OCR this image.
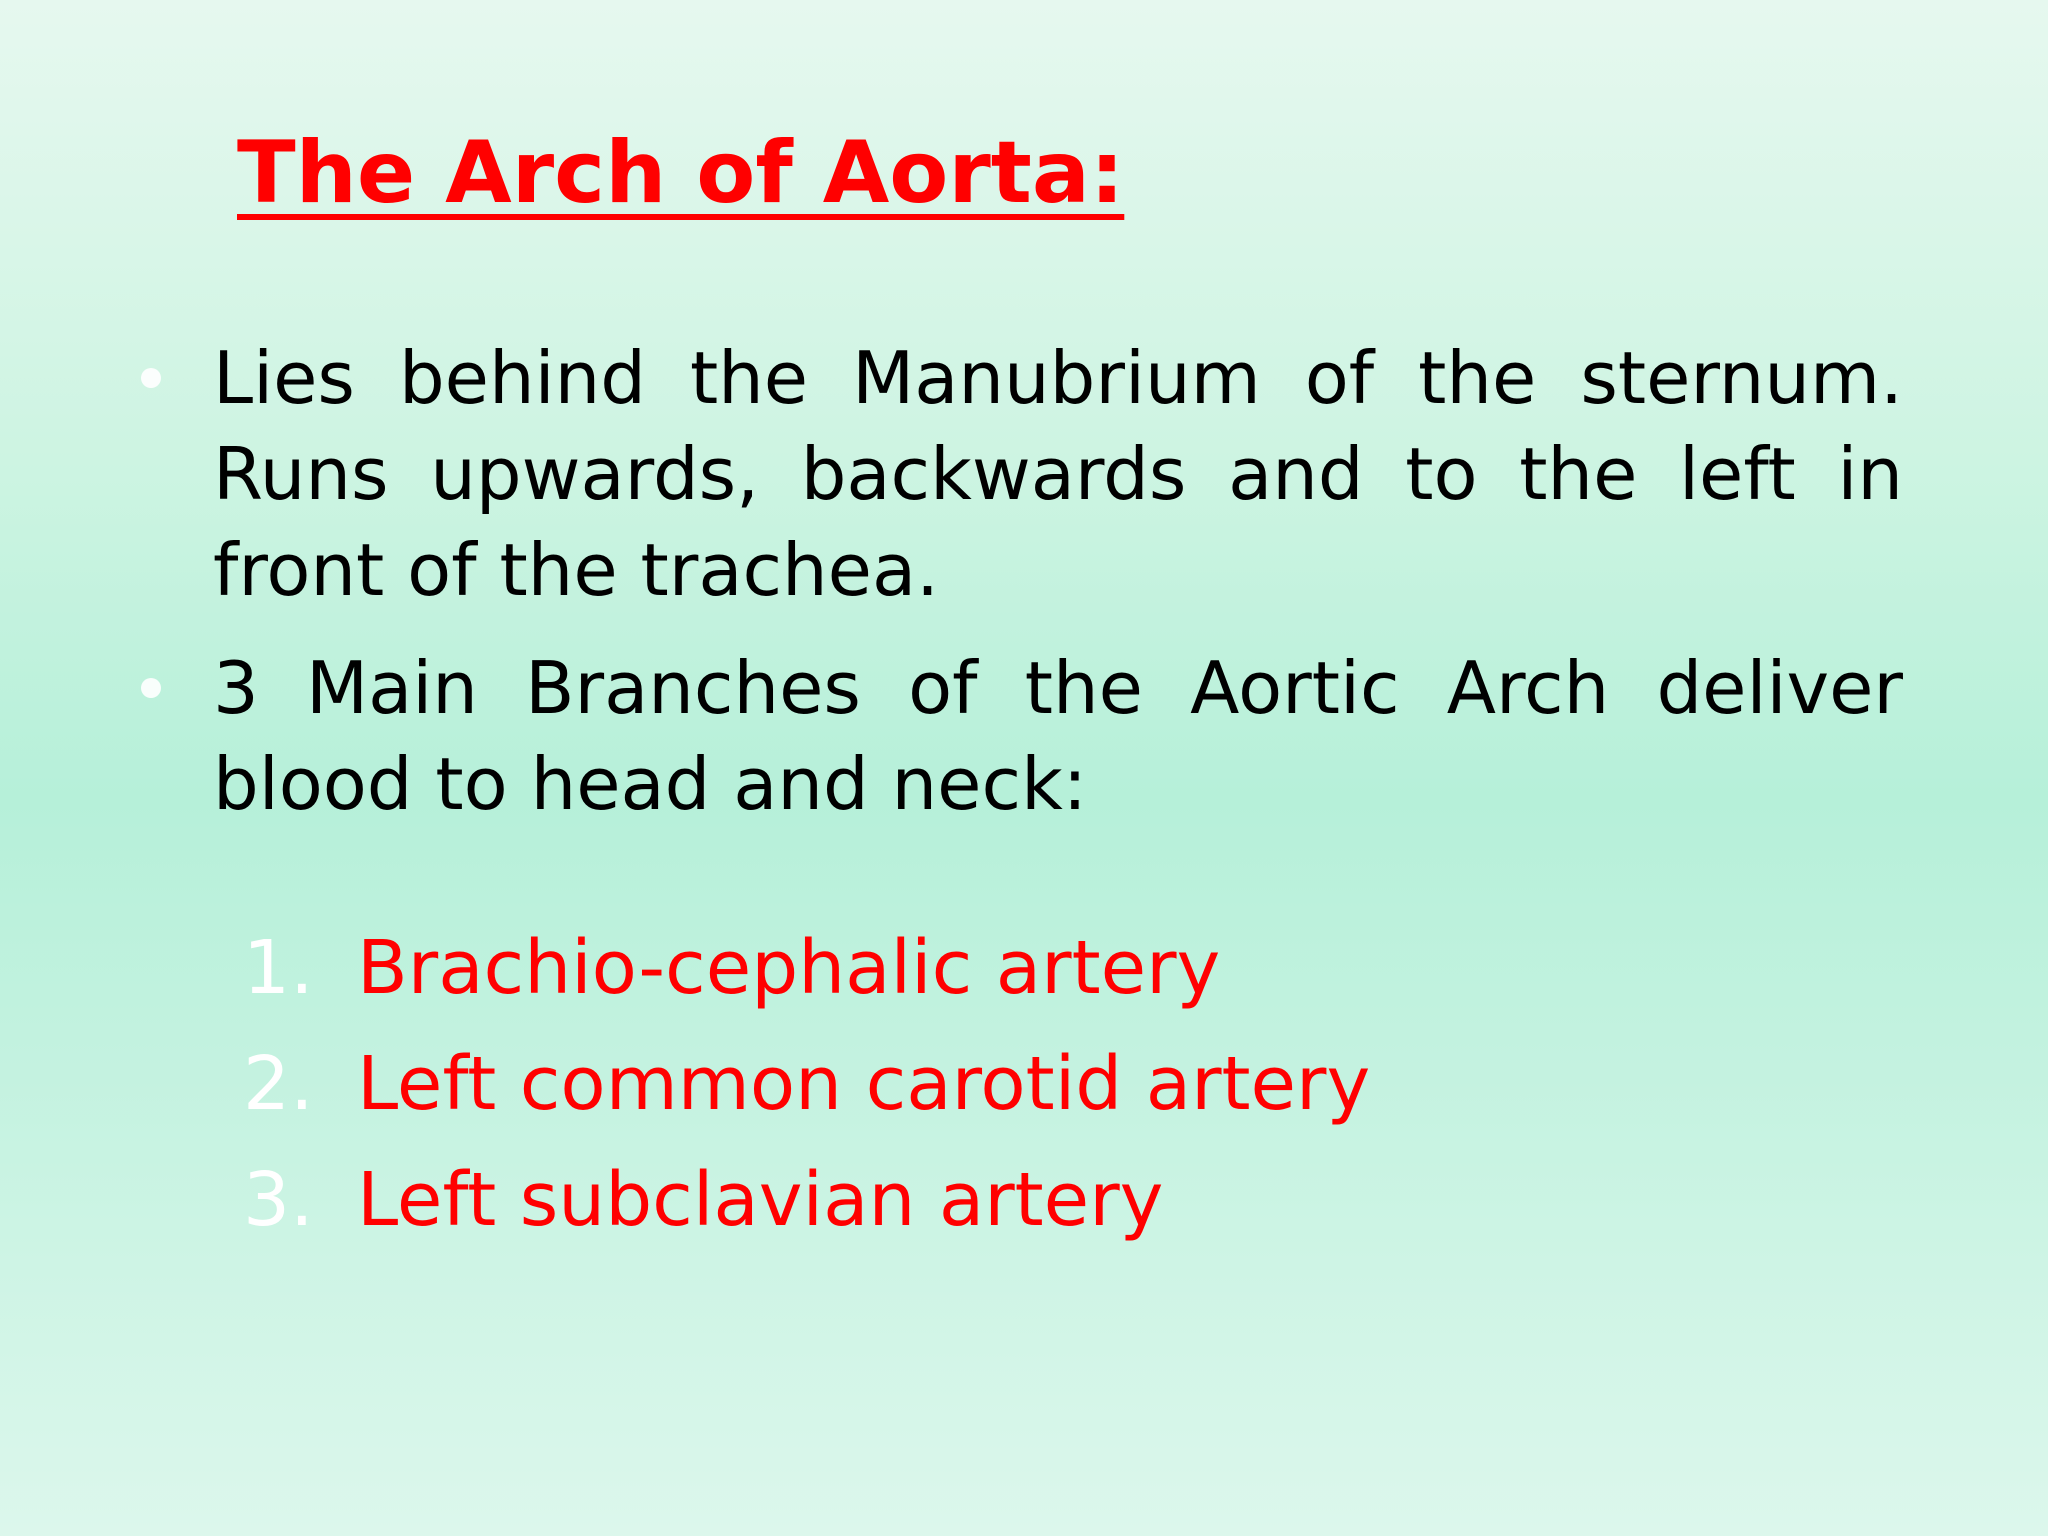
The Arch of Aorta:
Lies behind the Manubrium of the sternum. Runs upwards, backwards and to the left in front of the trachea.
3 Main Branches of the Aortic Arch deliver blood to head and neck:
1. Brachio-cephalic artery
2. Left common carotid artery
3. Left subclavian artery
